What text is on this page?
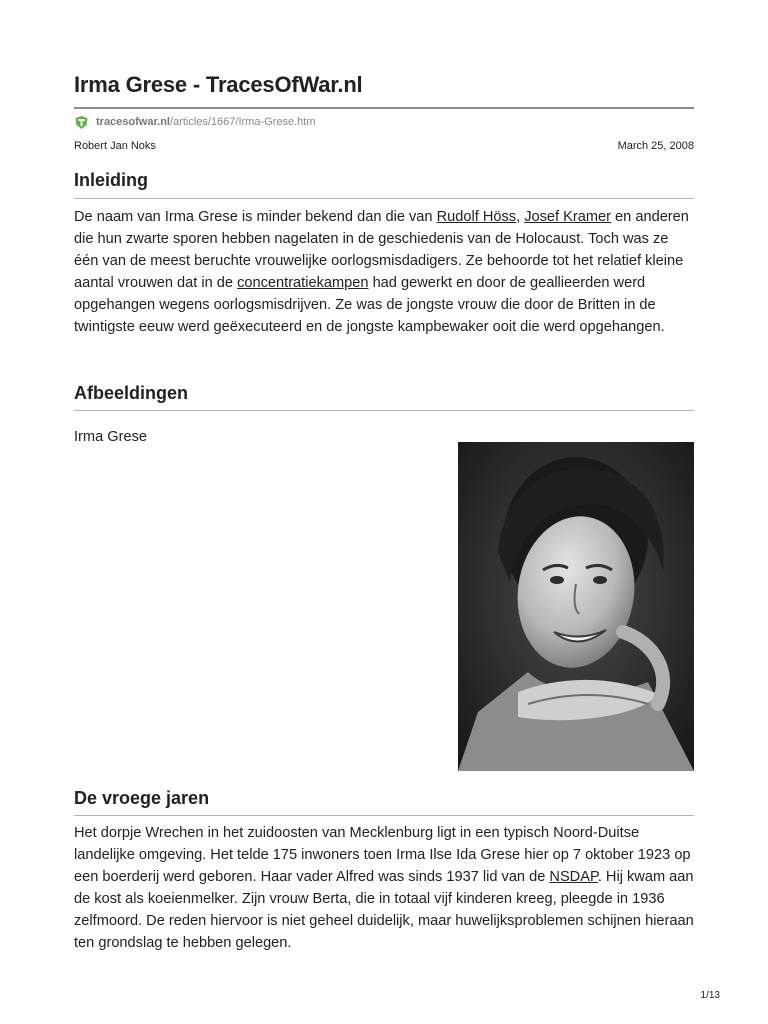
Irma Grese - TracesOfWar.nl
tracesofwar.nl /articles/1667/Irma-Grese.htm
Robert Jan Noks	March 25, 2008
Inleiding

De naam van Irma Grese is minder bekend dan die van Rudolf Höss, Josef Kramer en anderen die hun zwarte sporen hebben nagelaten in de geschiedenis van de Holocaust. Toch was ze één van de meest beruchte vrouwelijke oorlogsmisdadigers. Ze behoorde tot het relatief kleine aantal vrouwen dat in de concentratiekampen had gewerkt en door de geallieerden werd opgehangen wegens oorlogsmisdrijven. Ze was de jongste vrouw die door de Britten in de twintigste eeuw werd geëxecuteerd en de jongste kampbewaker ooit die werd opgehangen.

Afbeeldingen
Irma Grese
De vroege jaren

Het dorpje Wrechen in het zuidoosten van Mecklenburg ligt in een typisch Noord-Duitse landelijke omgeving. Het telde 175 inwoners toen Irma Ilse Ida Grese hier op 7 oktober 1923 op een boerderij werd geboren. Haar vader Alfred was sinds 1937 lid van de NSDAP. Hij kwam aan de kost als koeienmelker. Zijn vrouw Berta, die in totaal vijf kinderen kreeg, pleegde in 1936 zelfmoord. De reden hiervoor is niet geheel duidelijk, maar huwelijksproblemen schijnen hieraan ten grondslag te hebben gelegen.

1/13
